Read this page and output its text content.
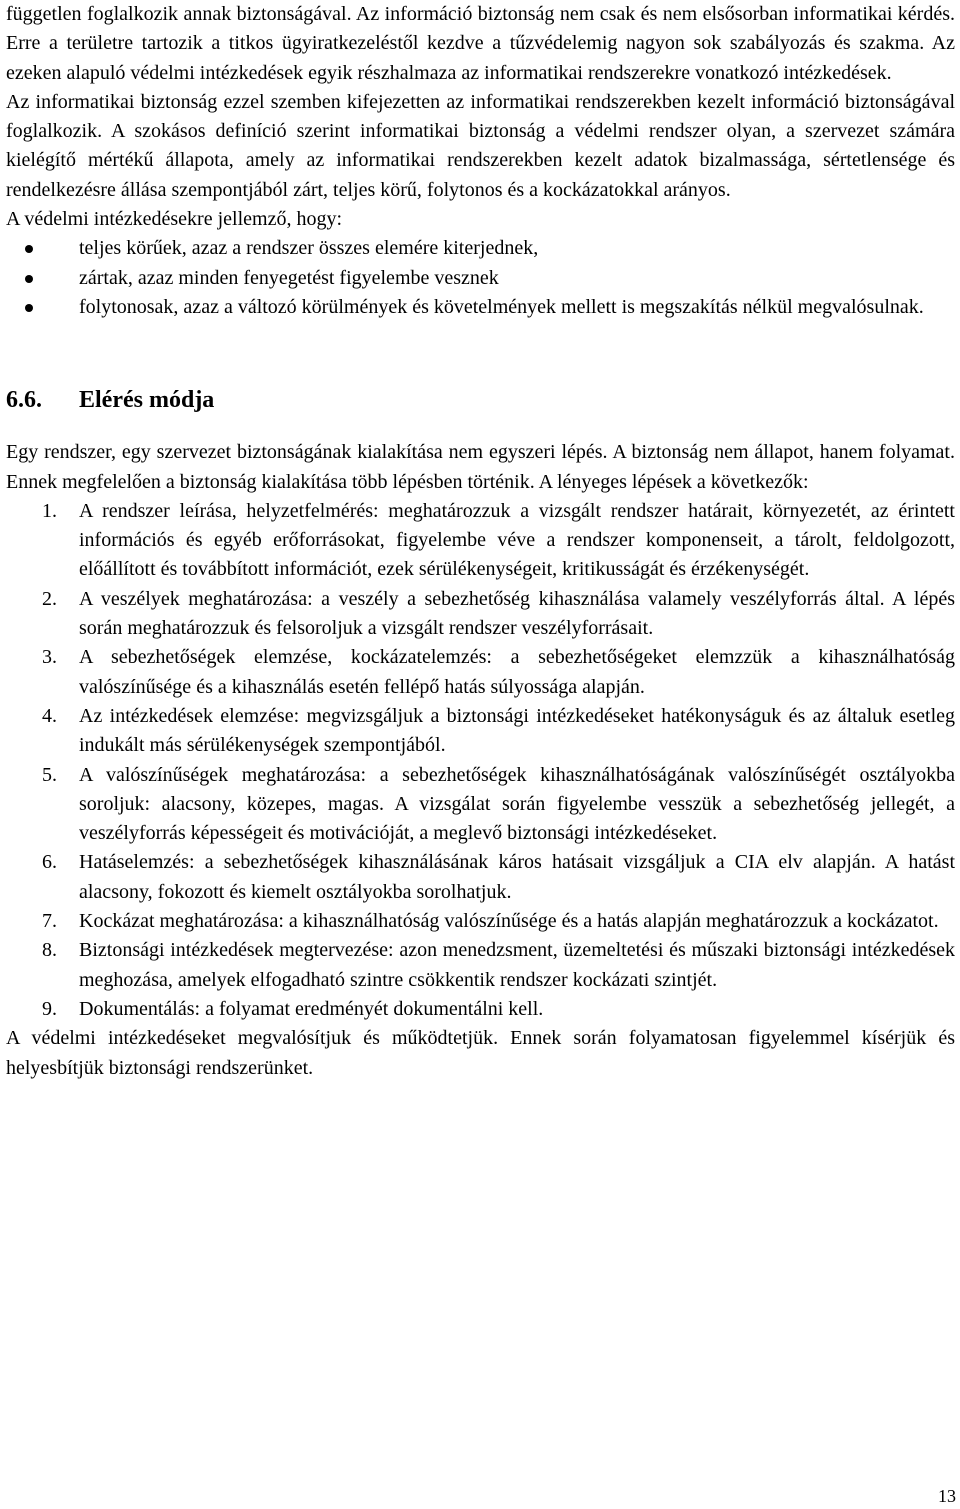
független foglalkozik annak biztonságával. Az információ biztonság nem csak és nem elsősorban informatikai kérdés. Erre a területre tartozik a titkos ügyiratkezeléstől kezdve a tűzvédelemig nagyon sok szabályozás és szakma. Az ezeken alapuló védelmi intézkedések egyik részhalmaza az informatikai rendszerekre vonatkozó intézkedések.

Az informatikai biztonság ezzel szemben kifejezetten az informatikai rendszerekben kezelt információ biztonságával foglalkozik. A szokásos definíció szerint informatikai biztonság a védelmi rendszer olyan, a szervezet számára kielégítő mértékű állapota, amely az informatikai rendszerekben kezelt adatok bizalmassága, sértetlensége és rendelkezésre állása szempontjából zárt, teljes körű, folytonos és a kockázatokkal arányos.

A védelmi intézkedésekre jellemző, hogy:

teljes körűek, azaz a rendszer összes elemére kiterjednek,
zártak, azaz minden fenyegetést figyelembe vesznek
folytonosak, azaz a változó körülmények és követelmények mellett is megszakítás nélkül megvalósulnak.
6.6. Elérés módja

Egy rendszer, egy szervezet biztonságának kialakítása nem egyszeri lépés. A biztonság nem állapot, hanem folyamat. Ennek megfelelően a biztonság kialakítása több lépésben történik. A lényeges lépések a következők:

1. A rendszer leírása, helyzetfelmérés: meghatározzuk a vizsgált rendszer határait, környezetét, az érintett információs és egyéb erőforrásokat, figyelembe véve a rendszer komponenseit, a tárolt, feldolgozott, előállított és továbbított információt, ezek sérülékenységeit, kritikusságát és érzékenységét.
2. A veszélyek meghatározása: a veszély a sebezhetőség kihasználása valamely veszélyforrás által. A lépés során meghatározzuk és felsoroljuk a vizsgált rendszer veszélyforrásait.
3. A sebezhetőségek elemzése, kockázatelemzés: a sebezhetőségeket elemzzük a kihasználhatóság valószínűsége és a kihasználás esetén fellépő hatás súlyossága alapján.
4. Az intézkedések elemzése: megvizsgáljuk a biztonsági intézkedéseket hatékonyságuk és az általuk esetleg indukált más sérülékenységek szempontjából.
5. A valószínűségek meghatározása: a sebezhetőségek kihasználhatóságának valószínűségét osztályokba soroljuk: alacsony, közepes, magas. A vizsgálat során figyelembe vesszük a sebezhetőség jellegét, a veszélyforrás képességeit és motivációját, a meglevő biztonsági intézkedéseket.
6. Hatáselemzés: a sebezhetőségek kihasználásának káros hatásait vizsgáljuk a CIA elv alapján. A hatást alacsony, fokozott és kiemelt osztályokba sorolhatjuk.
7. Kockázat meghatározása: a kihasználhatóság valószínűsége és a hatás alapján meghatározzuk a kockázatot.
8. Biztonsági intézkedések megtervezése: azon menedzsment, üzemeltetési és műszaki biztonsági intézkedések meghozása, amelyek elfogadható szintre csökkentik rendszer kockázati szintjét.
9. Dokumentálás: a folyamat eredményét dokumentálni kell.

A védelmi intézkedéseket megvalósítjuk és működtetjük. Ennek során folyamatosan figyelemmel kísérjük és helyesbítjük biztonsági rendszerünket.

13
